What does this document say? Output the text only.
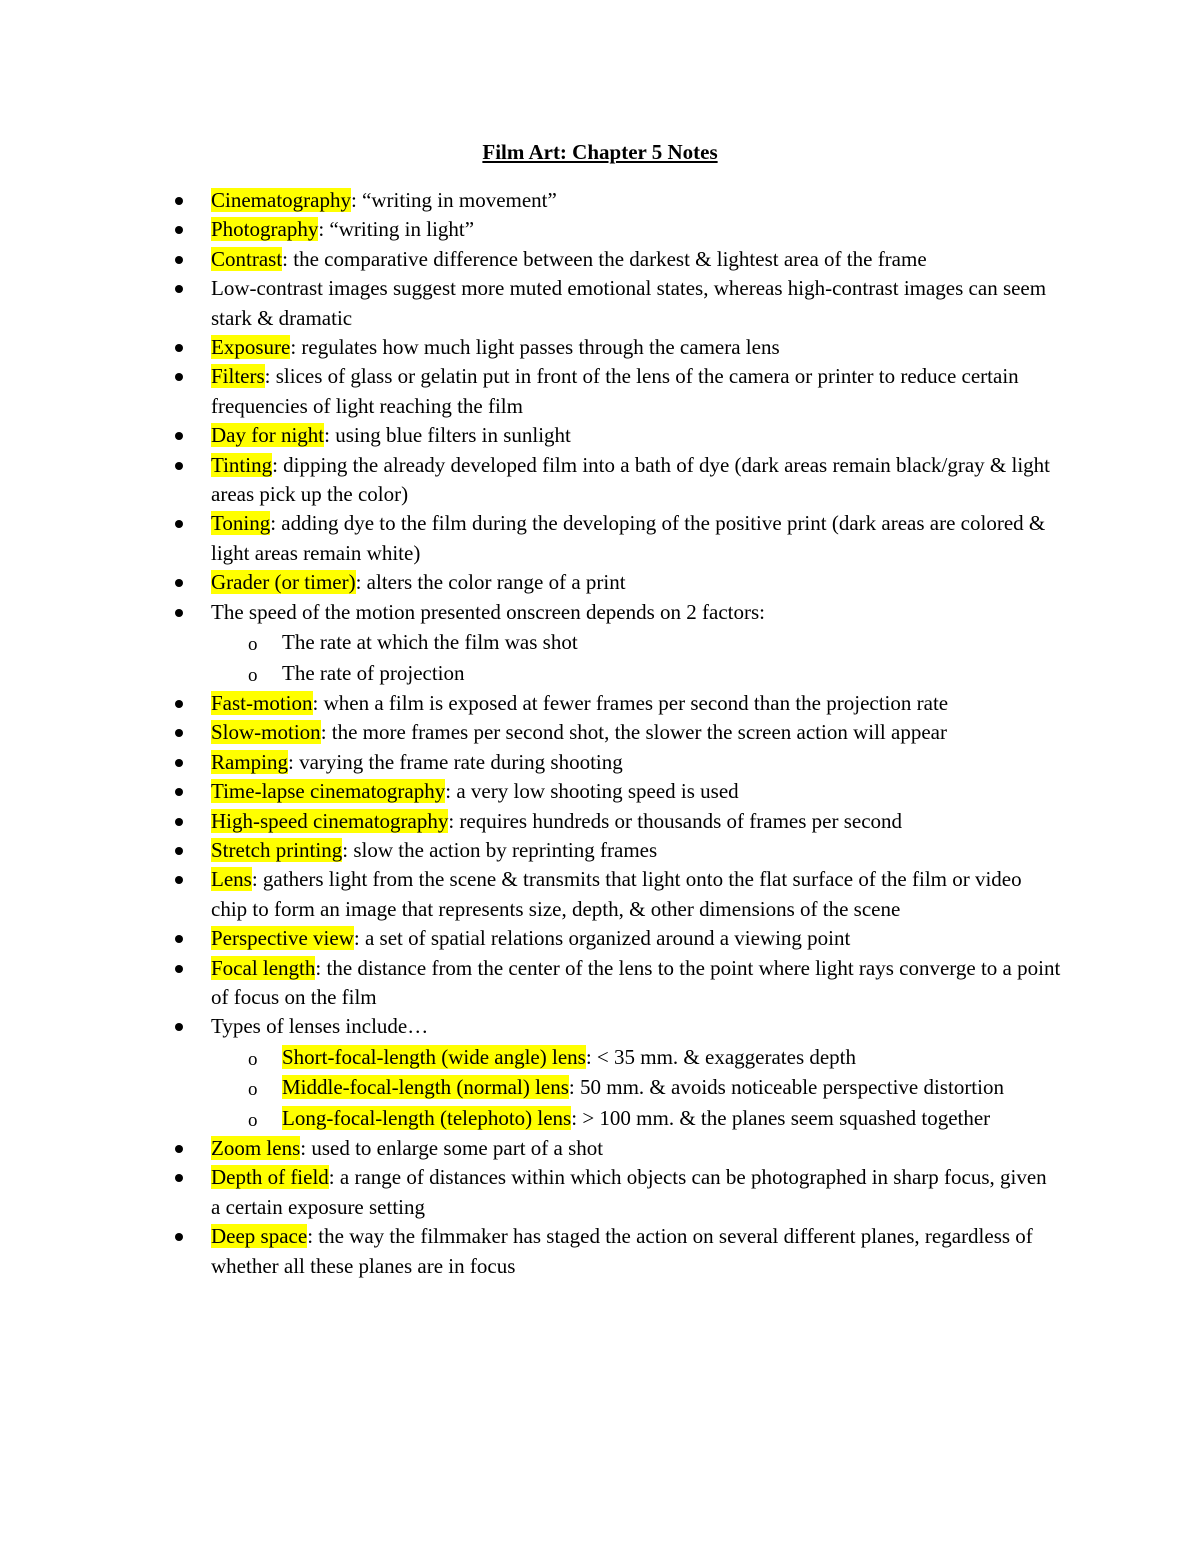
Film Art: Chapter 5 Notes
Cinematography: “writing in movement”
Photography: “writing in light”
Contrast: the comparative difference between the darkest & lightest area of the frame
Low-contrast images suggest more muted emotional states, whereas high-contrast images can seem stark & dramatic
Exposure: regulates how much light passes through the camera lens
Filters: slices of glass or gelatin put in front of the lens of the camera or printer to reduce certain frequencies of light reaching the film
Day for night: using blue filters in sunlight
Tinting: dipping the already developed film into a bath of dye (dark areas remain black/gray & light areas pick up the color)
Toning: adding dye to the film during the developing of the positive print (dark areas are colored & light areas remain white)
Grader (or timer): alters the color range of a print
The speed of the motion presented onscreen depends on 2 factors:
o The rate at which the film was shot
o The rate of projection
Fast-motion: when a film is exposed at fewer frames per second than the projection rate
Slow-motion: the more frames per second shot, the slower the screen action will appear
Ramping: varying the frame rate during shooting
Time-lapse cinematography: a very low shooting speed is used
High-speed cinematography: requires hundreds or thousands of frames per second
Stretch printing: slow the action by reprinting frames
Lens: gathers light from the scene & transmits that light onto the flat surface of the film or video chip to form an image that represents size, depth, & other dimensions of the scene
Perspective view: a set of spatial relations organized around a viewing point
Focal length: the distance from the center of the lens to the point where light rays converge to a point of focus on the film
Types of lenses include…
o Short-focal-length (wide angle) lens: < 35 mm. & exaggerates depth
o Middle-focal-length (normal) lens: 50 mm. & avoids noticeable perspective distortion
o Long-focal-length (telephoto) lens: > 100 mm. & the planes seem squashed together
Zoom lens: used to enlarge some part of a shot
Depth of field: a range of distances within which objects can be photographed in sharp focus, given a certain exposure setting
Deep space: the way the filmmaker has staged the action on several different planes, regardless of whether all these planes are in focus
